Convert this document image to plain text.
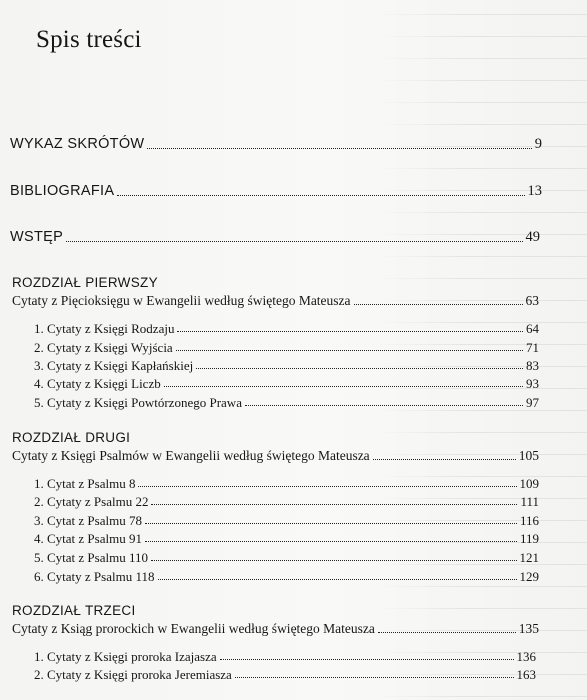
Spis treści
WYKAZ SKRÓTÓW	9
BIBLIOGRAFIA	13
WSTĘP	49
ROZDZIAŁ PIERWSZY
Cytaty z Pięcioksięgu w Ewangelii według świętego Mateusza	63
1. Cytaty z Księgi Rodzaju	64
2. Cytaty z Księgi Wyjścia	71
3. Cytaty z Księgi Kapłańskiej	83
4. Cytaty z Księgi Liczb	93
5. Cytaty z Księgi Powtórzonego Prawa	97
ROZDZIAŁ DRUGI
Cytaty z Księgi Psalmów w Ewangelii według świętego Mateusza	105
1. Cytat z Psalmu 8	109
2. Cytaty z Psalmu 22	111
3. Cytat z Psalmu 78	116
4. Cytat z Psalmu 91	119
5. Cytat z Psalmu 110	121
6. Cytaty z Psalmu 118	129
ROZDZIAŁ TRZECI
Cytaty z Ksiąg prorockich w Ewangelii według świętego Mateusza	135
1. Cytaty z Księgi proroka Izajasza	136
2. Cytaty z Księgi proroka Jeremiasza	163
